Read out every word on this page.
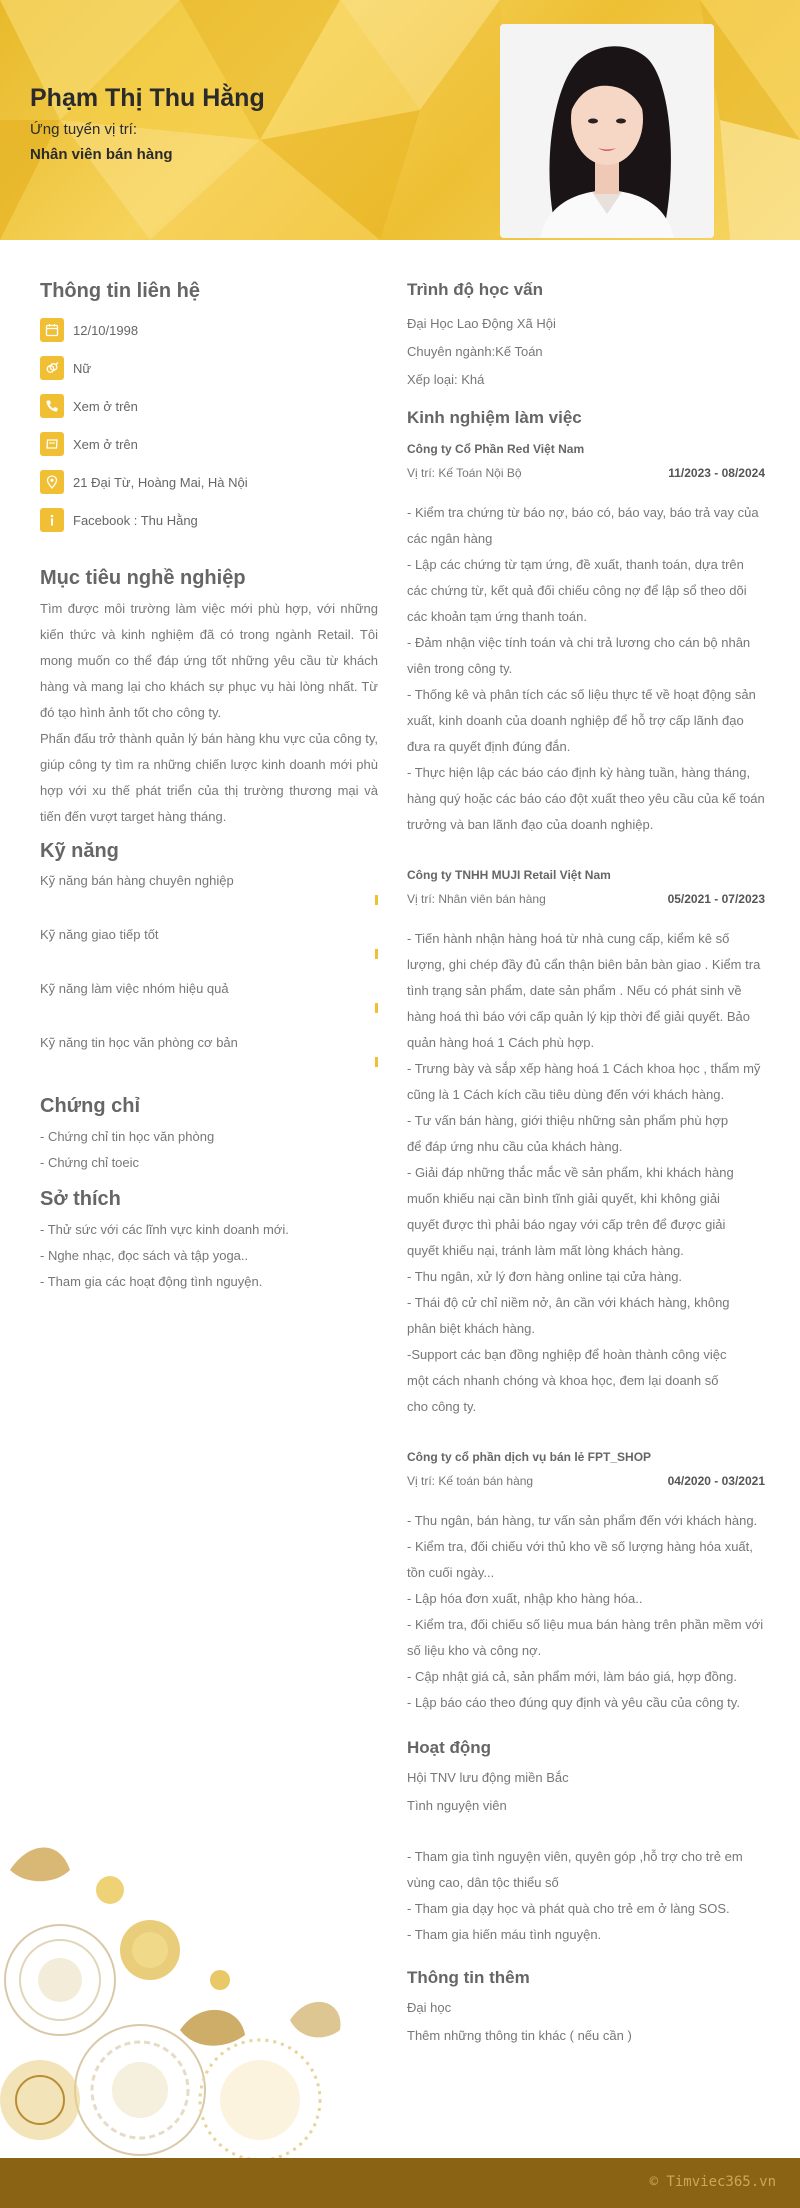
Phạm Thị Thu Hằng
Ứng tuyển vị trí:
Nhân viên bán hàng
Thông tin liên hệ
12/10/1998
Nữ
Xem ở trên
Xem ở trên
21 Đại Từ, Hoàng Mai, Hà Nội
Facebook : Thu Hằng
Mục tiêu nghề nghiệp
Tìm được môi trường làm việc mới phù hợp, với những kiến thức và kinh nghiệm đã có trong ngành Retail. Tôi mong muốn co thể đáp ứng tốt những yêu cầu từ khách hàng và mang lại cho khách sự phục vụ hài lòng nhất. Từ đó tạo hình ảnh tốt cho công ty.
Phấn đấu trở thành quản lý bán hàng khu vực của công ty, giúp công ty tìm ra những chiến lược kinh doanh mới phù hợp với xu thế phát triển của thị trường thương mại và tiến đến vượt target hàng tháng.
Kỹ năng
Kỹ năng bán hàng chuyên nghiệp
Kỹ năng giao tiếp tốt
Kỹ năng làm việc nhóm hiệu quả
Kỹ năng tin học văn phòng cơ bản
Chứng chỉ
- Chứng chỉ tin học văn phòng
- Chứng chỉ toeic
Sở thích
- Thử sức với các lĩnh vực kinh doanh mới.
- Nghe nhạc, đọc sách và tập yoga..
- Tham gia các hoạt động tình nguyện.
Trình độ học vấn
Đại Học Lao Động Xã Hội
Chuyên ngành:Kế Toán
Xếp loại: Khá
Kinh nghiệm làm việc
Công ty Cổ Phần Red Việt Nam
Vị trí: Kế Toán Nội Bộ	11/2023 - 08/2024
- Kiểm tra chứng từ báo nợ, báo có, báo vay, báo trả vay của các ngân hàng
- Lập các chứng từ tạm ứng, đề xuất, thanh toán, dựa trên các chứng từ, kết quả đối chiếu công nợ để lập sổ theo dõi các khoản tạm ứng thanh toán.
- Đảm nhận việc tính toán và chi trả lương cho cán bộ nhân viên trong công ty.
- Thống kê và phân tích các số liệu thực tế về hoạt động sản xuất, kinh doanh của doanh nghiệp để hỗ trợ cấp lãnh đạo đưa ra quyết định đúng đắn.
- Thực hiện lập các báo cáo định kỳ hàng tuần, hàng tháng, hàng quý hoặc các báo cáo đột xuất theo yêu cầu của kế toán trưởng và ban lãnh đạo của doanh nghiệp.
Công ty TNHH MUJI Retail Việt Nam
Vị trí: Nhân viên bán hàng	05/2021 - 07/2023
- Tiến hành nhận hàng hoá từ nhà cung cấp, kiểm kê số lượng, ghi chép đầy đủ cẩn thận biên bản bàn giao . Kiểm tra tình trạng sản phẩm, date sản phẩm . Nếu có phát sinh về hàng hoá thì báo với cấp quản lý kịp thời để giải quyết. Bảo quản hàng hoá 1 Cách phù hợp.
- Trưng bày và sắp xếp hàng hoá 1 Cách khoa học , thẩm mỹ cũng là 1 Cách kích cầu tiêu dùng đến với khách hàng.
- Tư vấn bán hàng, giới thiệu những sản phẩm phù hợp
để đáp ứng nhu cầu của khách hàng.
- Giải đáp những thắc mắc về sản phẩm, khi khách hàng
muốn khiếu nại cần bình tĩnh giải quyết, khi không giải
quyết được thì phải báo ngay với cấp trên để được giải
quyết khiếu nại, tránh làm mất lòng khách hàng.
- Thu ngân, xử lý đơn hàng online tại cửa hàng.
- Thái độ cử chỉ niềm nở, ân cần với khách hàng, không
phân biệt khách hàng.
-Support các bạn đồng nghiệp để hoàn thành công việc
một cách nhanh chóng và khoa học, đem lại doanh số
cho công ty.
Công ty cổ phần dịch vụ bán lẻ FPT_SHOP
Vị trí: Kế toán bán hàng	04/2020 - 03/2021
- Thu ngân, bán hàng, tư vấn sản phẩm đến với khách hàng.
- Kiểm tra, đối chiếu với thủ kho về số lượng hàng hóa xuất, tồn cuối ngày...
- Lập hóa đơn xuất, nhập kho hàng hóa..
- Kiểm tra, đối chiếu số liệu mua bán hàng trên phần mềm với số liệu kho và công nợ.
- Cập nhật giá cả, sản phẩm mới, làm báo giá, hợp đồng.
- Lập báo cáo theo đúng quy định và yêu cầu của công ty.
Hoạt động
Hội TNV lưu động miền Bắc
Tình nguyện viên
- Tham gia tình nguyện viên, quyên góp ,hỗ trợ cho trẻ em vùng cao, dân tộc thiểu số
- Tham gia dạy học và phát quà cho trẻ em ở làng SOS.
- Tham gia hiến máu tình nguyện.
Thông tin thêm
Đại học
Thêm những thông tin khác ( nếu cần )
© Timviec365.vn
